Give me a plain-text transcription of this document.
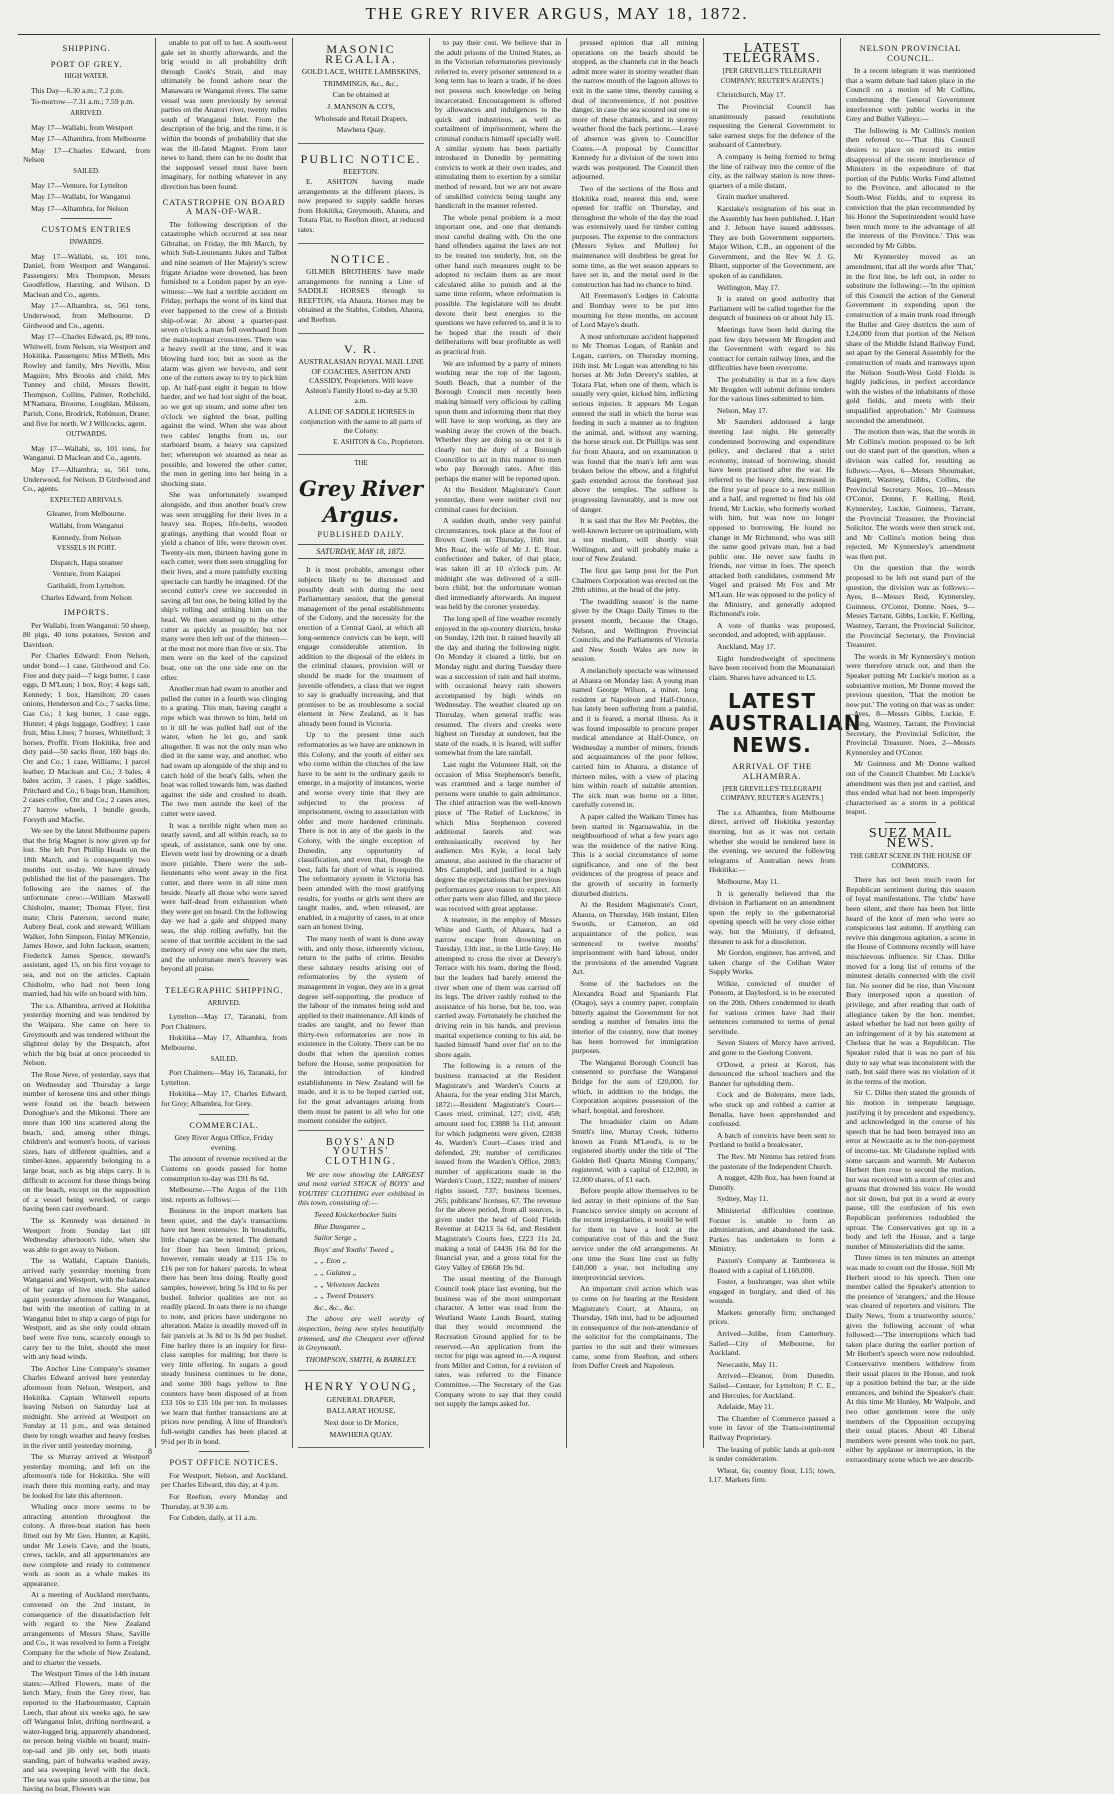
THE GREY RIVER ARGUS, MAY 18, 1872.
SHIPPING.
PORT OF GREY.
HIGH WATER.

This Day—6.30 a.m.; 7.2 p.m.

To-morrow—7.31 a.m.; 7.59 p.m.

ARRIVED.

May 17—Wallabi, from Westport

May 17—Alhambra, from Melbourne

May 17—Charles Edward, from Nelson

SAILED.

May 17—Venture, for Lyttelton

May 17—Wallabi, for Wanganui

May 17—Alhambra, for Nelson

CUSTOMS ENTRIES
INWARDS.

May 17—Wallabi, ss, 101 tons, Daniel, from Westport and Wanganui. Passengers: Mrs Thompson, Messrs Goodfellow, Harsting, and Wilson. D Maclean and Co., agents.

May 17—Alhambra, ss, 561 tons, Underwood, from Melbourne. D Girdwood and Co., agents.

May 17—Charles Edward, ps, 89 tons, Whitwell, from Nelson, via Westport and Hokitika. Passengers: Miss M'Beth, Mrs Rowley and family, Mrs Nevills, Miss Maguire, Mrs Brooks and child, Mrs Tunney and child, Messrs Ilewitt, Thompson, Collins, Palmer, Rothchild, M'Namara, Broome, Loughlan, Milsom, Parish, Cone, Brodrick, Robinson, Drane; and five for north. W J Willcocks, agent.

OUTWARDS.

May 17—Wallabi, ss, 101 tons, for Wanganui. D Maclean and Co., agents.

May 17—Alhambra, ss, 561 tons, Underwood, for Nelson. D Girdwood and Co., agents.

EXPECTED ARRIVALS.

Gleaner, from Melbourne.

Wallabi, from Wanganui

Kennedy, from Nelson

VESSELS IN PORT.

Dispatch, Hapa steamer

Venture, from Kaiapoi

Garibaldi, from Lyttelton.

Charles Edward, from Nelson

IMPORTS.

Per Wallabi, from Wanganui: 50 sheep, 80 pigs, 40 tons potatoes, Sexton and Davidson.

Per Charles Edward: From Nelson, under bond—1 case, Girdwood and Co. Free and duty paid—7 kegs butter, 1 case eggs, D M'Lean; 1 box, Roy; 4 kegs salt, Kennedy; 1 box, Hamilton; 20 cases onions, Henderson and Co.; 7 sacks lime, Gas Co.; 1 keg butter, 1 case eggs, Hunter; 4 pkgs luggage, Godfrey; 1 case fruit, Miss Lines; 7 horses, Whitelford; 3 horses, Proffit. From Hokitika, free and duty paid—50 sacks flour, 160 bags do. Orr and Co.; 1 case, Williams; 1 parcel leather, D Maclean and Co.; 3 bales, 4 bales acrim, 3 cases, 1 pkge saddles, Pritchard and Co.; 6 bags bran, Hamilton; 2 cases coffee, Orr and Co.; 2 cases axes, 27 barrow wheels, 1 bundle goods, Forsyth and Macfie.

We see by the latest Melbourne papers that the brig Magnet is now given up for lost. She left Port Phillip Heads on the 18th March, and is consequently two months out to-day. We have already published the list of the passengers. The following are the names of the unfortunate crew:—William Maxwell Chisholm, master; Thomas Flyer, first mate; Chris Paterson, second mate; Aubrey Beal, cook and steward; William Walker, John Simpson, Finlay M'Kenzie, James Howe, and John Jackson, seamen; Frederick James Spence, steward's assistant, aged 15, on his first voyage to sea, and not on the articles. Captain Chisholm, who had not been long married, had his wife on board with him.

The s.s. Alhambra, arrived at Hokitika yesterday morning and was tendered by the Waipara. She came on here to Greymouth and was tendered without the slightest delay by the Despatch, after which the big boat at once proceeded to Nelson.

The Rose Neve, of yesterday, says that on Wednesday and Thursday a large number of kerosene tins and other things were found on the beach between Donoghue's and the Mikonui. There are more than 100 tins scattered along the beach, and, among other things, children's and women's boots, of various sizes, hats of different qualities, and a timber-knee, apparently belonging to a large boat, such as big ships carry. It is difficult to account for these things being on the beach, except on the supposition of a vessel being wrecked, or cargo having been cast overboard.

The ss Kennedy was detained in Westport from Sunday last till Wednesday afternoon's tide, when she was able to get away to Nelson.

The ss Wallabi, Captain Daniels, arrived early yesterday morning from Wanganui and Westport, with the balance of her cargo of live stock. She sailed again yesterday afternoon for Wanganui, but with the intention of calling in at Wanganui Inlet to ship a cargo of pigs for Westport, and as she only could obtain beef were five tons, scarcely enough to carry her to the Inlet, should she meet with any head winds.

The Anchor Line Company's steamer Charles Edward arrived here yesterday afternoon from Nelson, Westport, and Hokitika. Captain Whitwell reports leaving Nelson on Saturday last at midnight. She arrived at Westport on Sunday at 11 p.m., and was detained there by rough weather and heavy freshes in the river until yesterday morning.

The ss Murray arrived at Westport yesterday morning, and left on the afternoon's tide for Hokitika. She will reach there this morning early, and may be looked for late this afternoon.

Whaling once more seems to be attracting attention throughout the colony. A three-boat station has been fitted out by Mr Geo. Hunter, at Kapiti, under Mr Lewis Cave, and the boats, crews, tackle, and all appurtenances are now complete and ready to commence work as soon as a whale makes its appearance.

At a meeting of Auckland merchants, convened on the 2nd instant, in consequence of the dissatisfaction felt with regard to the New Zealand arrangements of Messrs Shaw, Saville and Co., it was resolved to form a Freight Company for the whole of New Zealand, and to charter the vessels.

The Westport Times of the 14th instant states:—Alfred Flowers, mate of the ketch Mary, from the Grey river, has reported to the Harbourmaster, Captain Leech, that about six weeks ago, he saw off Wanganui Inlet, drifting northward, a water-logged brig, apparently abandoned, no person being visible on board; main-top-sail and jib only set, both masts standing, part of bulwarks washed away, and sea sweeping level with the deck. The sea was quite smooth at the time, but having no boat, Flowers was

unable to put off to her. A south-west gale set in shortly afterwards, and the brig would in all probability drift through Cook's Strait, and may ultimately be found ashore near the Manawatu or Wanganui rivers. The same vessel was seen previously by several parties on the Anatori river, twenty miles south of Wanganui Inlet. From the description of the brig, and the time, it is within the bounds of probability that she was the ill-fated Magnet. From later news to hand, there can be no doubt that the supposed vessel must have been imaginary, for nothing whatever in any direction has been found.

CATASTROPHE ON BOARD A MAN-OF-WAR.

The following description of the catastrophe which occurred at sea near Gibraltar, on Friday, the 8th March, by which Sub-Lieutenants Jukes and Talbot and nine seamen of Her Majesty's screw frigate Ariadne were drowned, has been furnished to a London paper by an eye-witness:—We had a terrible accident on Friday, perhaps the worst of its kind that ever happened to the crew of a British ship-of-war. At about a quarter-past seven o'clock a man fell overboard from the main-topmast cross-trees. There was a heavy swell at the time, and it was blowing hard too; but as soon as the alarm was given we hove-to, and sent one of the cutters away to try to pick him up. At half-past eight it began to blow harder, and we had lost sight of the boat, so we got up steam, and some after ten o'clock we sighted the boat, pulling against the wind. When she was about two cables' lengths from us, our starboard beam, a heavy sea capsized her; whereupon we steamed as near as possible, and lowered the other cutter, the men in getting into her being in a shocking state.

She was unfortunately swamped alongside, and thus another boat's crew was seen struggling for their lives in a heavy sea. Ropes, life-belts, wooden gratings, anything that would float or yield a chance of life, were thrown over. Twenty-six men, thirteen having gone in each cutter, were then seen struggling for their lives, and a more painfully exciting spectacle can hardly be imagined. Of the second cutter's crew we succeeded in saving all but one, he being killed by the ship's rolling and striking him on the head. We then steamed up to the other cutter as quickly as possible; but not many were then left out of the thirteen—at the most not more than five or six. The men were on the keel of the capsized boat, one on the one side one on the other.

Another man had swam to another and pulled the cutter in a fourth was clinging to a grating. This man, having caught a rope which was thrown to him, held on to it till he was pulled half out of the water, when he let go, and sank altogether. It was not the only man who died in the same way, and another, who had swam up alongside of the ship and to catch hold of the boat's falls, when the boat was rolled towards him, was dashed against the side and crushed to death. The two men astride the keel of the cutter were saved.

It was a terrible night when men so nearly saved, and all within reach, so to speak, of assistance, sank one by one. Eleven went lost by drowning or a death more pitiable. There were the sub-lieutenants who went away in the first cutter, and there were in all nine men beside. Nearly all those who were saved were half-dead from exhaustion when they were got on board. On the following day we had a gale and shipped many seas, the ship rolling awfully, but the scene of that terrible accident in the sad memory of every one who saw the men, and the unfortunate men's bravery was beyond all praise.

TELEGRAPHIC SHIPPING.
ARRIVED.

Lyttelton—May 17, Taranaki, from Port Chalmers.

Hokitika—May 17, Alhambra, from Melbourne.

SAILED.

Port Chalmers—May 16, Taranaki, for Lyttelton.

Hokitika—May 17, Charles Edward, for Grey; Alhambra, for Grey.

COMMERCIAL.

Grey River Argus Office, Friday evening.

The amount of revenue received at the Customs on goods passed for home consumption to-day was £91 8s 6d.

Melbourne.—The Argus of the 11th inst. reports as follows:—

Business in the import markets has been quiet, and the day's transactions have not been extensive. In breadstuffs, little change can be noted. The demand for flour has been limited; prices, however, remain steady at £15 15s to £16 per ton for bakers' parcels. In wheat there has been less doing. Really good samples, however, bring 5s 10d to 6s per bushel. Inferior qualities are not so readily placed. In oats there is no change to note, and prices have undergone no alteration. Maize is steadily moved off in fair parcels at 3s 8d to 3s 9d per bushel. Fine barley there is an inquiry for first-class samples for malting; but there is very little offering. In sugars a good steady business continues to be done, and some 300 bags yellow to fine counters have been disposed of at from £33 10s to £35 10s per ton. In molasses we learn that further transactions are at prices now pending. A line of Brandon's full-weight candles has been placed at 9½d per lb in bond.

POST OFFICE NOTICES.

For Westport, Nelson, and Auckland, per Charles Edward, this day, at 4 p.m.

For Reefton, every Monday and Thursday, at 9.30 a.m.

For Cobden, daily, at 11 a.m.

MASONIC REGALIA.

GOLD LACE, WHITE LAMBSKINS,

TRIMMINGS, &c., &c.,

Can be obtained at

J. MANSON & CO'S,

Wholesale and Retail Drapers,

Mawhera Quay.

PUBLIC NOTICE.
REEFTON.

E. ASHTON having made arrangements at the different places, is now prepared to supply saddle horses from Hokitika, Greymouth, Ahaura, and Totara Flat, to Reefton direct, at reduced rates.

NOTICE.

GILMER BROTHERS have made arrangements for running a Line of SADDLE HORSES through to REEFTON, via Ahaura. Horses may be obtained at the Stables, Cobden, Ahaura, and Reefton.

V. R.

AUSTRALASIAN ROYAL MAIL LINE OF COACHES, ASHTON AND CASSIDY, Proprietors. Will leave Ashton's Family Hotel to-day at 9.30 a.m.

A LINE OF SADDLE HORSES in conjunction with the same to all parts of the Colony.

E. ASHTON & Co., Proprietors.
THE
Grey River Argus.
PUBLISHED DAILY.
SATURDAY, MAY 18, 1872.

It is most probable, amongst other subjects likely to be discussed and possibly dealt with during the next Parliamentary session, that the general management of the penal establishments of the Colony, and the necessity for the erection of a Central Gaol, at which all long-sentence convicts can be kept, will engage considerable attention. In addition to the disposal of the elders in the criminal classes, provision will or should be made for the treatment of juvenile offenders, a class that we regret to say is gradually increasing, and that promises to be as troublesome a social element in New Zealand, as it has already been found in Victoria.

Up to the present time such reformatories as we have are unknown in this Colony, and the youth of either sex who come within the clutches of the law have to be sent to the ordinary gaols to emerge, in a majority of instances, worse and worse every time that they are subjected to the process of imprisonment, owing to association with older and more hardened criminals. There is not in any of the gaols in the Colony, with the single exception of Dunedin, any opportunity of classification, and even that, though the best, falls far short of what is required. The reformatory system in Victoria has been attended with the most gratifying results, for youths or girls sent there are taught trades, and, when released, are enabled, in a majority of cases, to at once earn an honest living.

The many tooth of want is done away with, and only those, inherently vicious, return to the paths of crime. Besides these salutary results arising out of reformatories by the system of management in vogue, they are in a great degree self-supporting, the produce of the labour of the inmates being sold and applied to their maintenance. All kinds of trades are taught, and no fewer than thirty-two reformatories are now in existence in the Colony. There can be no doubt that when the question comes before the House, some proposition for the introduction of kindred establishments in New Zealand will be made, and it is to be hoped carried out, for the great advantages arising from them must be patent to all who for one moment consider the subject.

BOYS' AND YOUTHS' CLOTHING.

We are now showing the LARGEST and most varied STOCK of BOYS' and YOUTHS' CLOTHING ever exhibited in this town, consisting of:—

Tweed Knickerbocker Suits

Blue Dungaree „

Sailor Serge „

Boys' and Youths' Tweed „

„ „ Eton „

„ „ Galatea „

„ „ Velveteen Jackets

„ „ Tweed Trousers

&c., &c., &c.

The above are well worthy of inspection, being new styles beautifully trimmed, and the Cheapest ever offered in Greymouth.

THOMPSON, SMITH, & BARKLEY.
HENRY YOUNG,

GENERAL DRAPER,

BALLARAT HOUSE,

Next door to Dr Morice,

MAWHERA QUAY.

to pay their cost. We believe that in the adult prisons of the United States, as in the Victorian reformatories previously referred to, every prisoner sentenced to a long term has to learn a trade, if he does not possess such knowledge on being incarcerated. Encouragement is offered by allowances and indulgences to the quick and industrious, as well as curtailment of imprisonment, where the criminal conducts himself specially well. A similar system has been partially introduced in Dunedin by permitting convicts to work at their own trades, and stimulating them to exertion by a similar method of reward, but we are not aware of unskilled convicts being taught any handicraft in the manner referred.

The whole penal problem is a most important one, and one that demands most careful dealing with. On the one hand offenders against the laws are not to be treated too tenderly, but, on the other hand such measures ought to be adopted to reclaim them as are most calculated alike to punish and at the same time reform, where reformation is possible. The legislature will no doubt devote their best energies to the questions we have referred to, and it is to be hoped that the result of their deliberations will bear profitable as well as practical fruit.

We are informed by a party of miners working near the top of the lagoon, South Beach, that a number of the Borough Council men recently been making himself very officious by calling upon them and informing them that they will have to stop working, as they are washing away the crown of the beach. Whether they are doing so or not it is clearly not the duty of a Borough Councillor to act in this manner to men who pay Borough rates. After this perhaps the matter will be reported upon.

At the Resident Magistrate's Court yesterday, there were neither civil nor criminal cases for decision.

A sudden death, under very painful circumstances, took place at the foot of Brown Creek on Thursday, 16th inst. Mrs Roar, the wife of Mr J. E. Roar, confectioner and baker, of that place, was taken ill at 10 o'clock p.m. At midnight she was delivered of a still-born child, but the unfortunate woman died immediately afterwards. An inquest was held by the coroner yesterday.

The long spell of fine weather recently enjoyed in the up-country districts, broke on Sunday, 12th inst. It rained heavily all the day and during the following night. On Monday it cleared a little, but on Monday night and during Tuesday there was a succession of rain and hail storms, with occasional heavy rain showers accompanied by high winds on Wednesday. The weather cleared up on Thursday, when general traffic was resumed. The rivers and creeks were highest on Tuesday at sundown, but the state of the roads, it is feared, will suffer somewhat from the late rainfall.

Last night the Volunteer Hall, on the occasion of Miss Stephenson's benefit, was crammed and a large number of persons were unable to gain admittance. The chief attraction was the well-known piece of 'The Relief of Lucknow,' in which Miss Stephenson covered additional laurels and was enthusiastically received by her audience. Mrs Kyle, a local lady amateur, also assisted in the character of Mrs Campbell, and justified to a high degree the expectations that her previous performances gave reason to expect. All other parts were also filled, and the piece was received with great applause.

A teamster, in the employ of Messrs White and Garth, of Ahaura, had a narrow escape from drowning on Tuesday, 13th inst., in the Little Grey. He attempted to cross the river at Devery's Terrace with his team, during the flood, but the leaders had barely entered the river when one of them was carried off its legs. The driver rashly rushed to the assistance of his horse, but he, too, was carried away. Fortunately he clutched the driving rein in his hands, and previous marital experience coming to his aid, he hauled himself 'hand over fist' on to the shore again.

The following is a return of the business transacted at the Resident Magistrate's and Warden's Courts at Ahaura, for the year ending 31st March, 1872:—Resident Magistrate's Court—Cases tried, criminal, 127; civil, 458; amount sued for, £3888 5s 11d; amount for which judgments were given, £2838 4s. Warden's Court—Cases tried and defended, 29; number of certificates issued from the Warden's Office, 2083; number of applications made in the Warden's Court, 1322; number of miners' rights issued, 737; business licenses, 265; publicans' licenses, 67. The revenue for the above period, from all sources, is given under the head of Gold Fields Revenue at £4213 5s 6d, and Resident Magistrate's Courts fees, £223 11s 2d, making a total of £4436 16s 8d for the financial year, and a gross total for the Grey Valley of £8668 19s 9d.

The usual meeting of the Borough Council took place last evening, but the business was of the most unimportant character. A letter was read from the Westland Waste Lands Board, stating that they would recommend the Recreation Ground applied for to be reserved.—An application from the rector for pigs was agreed to.—A request from Miller and Cotton, for a revision of rates, was referred to the Finance Committee.—The Secretary of the Gas Company wrote to say that they could not supply the lamps asked for.

pressed opinion that all mining operations on the beach should be stopped, as the channels cut in the beach admit more water in stormy weather than the narrow mouth of the lagoon allows to exit in the same time, thereby causing a deal of inconvenience, if not positive danger, in case the sea scoured out one or more of these channels, and in stormy weather flood the back portions.—Leave of absence was given to Councillor Coates.—A proposal by Councillor Kennedy for a division of the town into wards was postponed. The Council then adjourned.

Two of the sections of the Ross and Hokitika road, nearest this end, were opened for traffic on Thursday, and throughout the whole of the day the road was extensively used for timber cutting purposes. The expense to the contractors (Messrs Sykes and Mullen) for maintenance will doubtless be great for some time, as the wet season appears to have set in, and the metal used in the construction has had no chance to bind.

All Freemason's Lodges in Calcutta and Bombay were to be put into mourning for three months, on account of Lord Mayo's death.

A most unfortunate accident happened to Mr Thomas Logan, of Rankin and Logan, carriers, on Thursday morning, 16th inst. Mr Logan was attending to his horses at Mr John Devery's stables, at Totara Flat, when one of them, which is usually very quiet, kicked him, inflicting serious injuries. It appears Mr Logan entered the stall in which the horse was feeding in such a manner as to frighten the animal, and, without any warning, the horse struck out. Dr Phillips was sent for from Ahaura, and on examination it was found that the man's left arm was broken below the elbow, and a frightful gash extended across the forehead just above the temples. The sufferer is progressing favourably, and is now out of danger.

It is said that the Rev Mr Peebles, the well-known lecturer on spiritualism, with a test medium, will shortly visit Wellington, and will probably make a tour of New Zealand.

The first gas lamp post for the Port Chalmers Corporation was erected on the 29th ultimo, at the head of the jetty.

'The twaddling season' is the name given by the Otago Daily Times to the present month, because the Otago, Nelson, and Wellington Provincial Councils, and the Parliaments of Victoria and New South Wales are now in session.

A melancholy spectacle was witnessed at Ahaura on Monday last. A young man named George Wilson, a miner, long resident at Napoleon and Half-Ounce, has lately been suffering from a painful, and it is feared, a mortal illness. As it was found impossible to procure proper medical attendance at Half-Ounce, on Wednesday a number of miners, friends and acquaintances of the poor fellow, carried him to Ahaura, a distance of thirteen miles, with a view of placing him within reach of suitable attention. The sick man was borne on a litter, carefully covered in.

A paper called the Waikato Times has been started in Ngaruawahia, in the neighbourhood of what a few years ago was the residence of the native King. This is a social circumstance of some significance, and one of the best evidences of the progress of peace and the growth of security in formerly disturbed districts.

At the Resident Magistrate's Court, Ahaura, on Thursday, 16th instant, Ellen Swords, or Cameron, an old acquaintance of the police, was sentenced to twelve months' imprisonment with hard labour, under the provisions of the amended Vagrant Act.

Some of the bachelors on the Alexandra Road and Spaniards Flat (Otago), says a country paper, complain bitterly against the Government for not sending a number of females into the interior of the country, now that money has been borrowed for immigration purposes.

The Wanganui Borough Council has consented to purchase the Wanganui Bridge for the sum of £20,000, for which, in addition to the bridge, the Corporation acquires possession of the wharf, hospital, and foreshore.

The broadsider claim on Adam Smith's line, Murray Creek, hitherto known as Frank M'Leod's, is to be registered shortly under the title of 'The Golden Bell Quartz Mining Company,' registered, with a capital of £12,000, in 12,000 shares, of £1 each.

Before people allow themselves to be led astray in their opinions of the San Francisco service simply on account of the recent irregularities, it would be well for them to have a look at the comparative cost of this and the Suez service under the old arrangements. At one time the Suez line cost us fully £40,000 a year, not including any interprovincial services.

An important civil action which was to come on for hearing at the Resident Magistrate's Court, at Ahaura, on Thursday, 16th inst, had to be adjourned in consequence of the non-attendance of the solicitor for the complainants. The parties to the suit and their witnesses came, some from Reefton, and others from Duffer Creek and Napoleon.

LATEST TELEGRAMS.
[PER GREVILLE'S TELEGRAPH COMPANY, REUTER'S AGENTS.]

Christchurch, May 17.

The Provincial Council has unanimously passed resolutions requesting the General Government to take earnest steps for the defence of the seaboard of Canterbury.

A company is being formed to bring the line of railway into the centre of the city, as the railway station is now three-quarters of a mile distant.

Grain market unaltered.

Karslake's resignation of his seat in the Assembly has been published. J. Hart and J. Jebson have issued addresses. They are both Government supporters. Major Wilson, C.B., an opponent of the Government, and the Rev W. J. G. Bluett, supporter of the Government, are spoken of as candidates.

Wellington, May 17.

It is stated on good authority that Parliament will be called together for the despatch of business on or about July 15.

Meetings have been held during the past few days between Mr Brogden and the Government with regard to his contract for certain railway lines, and the difficulties have been overcome.

The probability is that in a few days Mr Brogden will submit definite tenders for the various lines submitted to him.

Nelson, May 17.

Mr Saunders addressed a large meeting last night. He generally condemned borrowing and expenditure policy, and declared that a strict economy, instead of borrowing, should have been practised after the war. He referred to the heavy debt, increased in the first year of peace to a new million and a half, and regretted to find his old friend, Mr Luckie, who formerly worked with him, but was now no longer opposed to borrowing. He found no change in Mr Richmond, who was still the same good private man, but a bad public one. He never saw faults in friends, nor virtue in foes. The speech attacked both candidates, commend Mr Vogel and praised Mr Fox and Mr M'Lean. He was opposed to the policy of the Ministry, and generally adopted Richmond's role.

A vote of thanks was proposed, seconded, and adopted, with applause.

Auckland, May 17.

Eight hundredweight of specimens have been received from the Moanataiari claim. Shares have advanced to L5.

LATEST AUSTRALIAN NEWS.
ARRIVAL OF THE ALHAMBRA.
[PER GREVILLE'S TELEGRAPH COMPANY, REUTER'S AGENTS.]

The s.s Alhambra, from Melbourne direct, arrived off Hokitika yesterday morning, but as it was not certain whether she would be tendered here in the evening, we secured the following telegrams of Australian news from Hokitika:—

Melbourne, May 11.

It is generally believed that the division in Parliament on an amendment upon the reply to the gubernatorial opening speech will be very close either way, but the Ministry, if defeated, threaten to ask for a dissolution.

Mr Gordon, engineer, has arrived, and taken charge of the Coliban Water Supply Works.

Wilkie, convicted of murder of Ponsom, at Daylesford, is to be executed on the 20th. Others condemned to death for various crimes have had their sentences commuted to terms of penal servitude.

Seven Sisters of Mercy have arrived, and gone to the Geelong Convent.

O'Dowd, a priest at Koroit, has denounced the school teachers and the Banner for upholding them.

Cock and de Boletrans, mere lads, who stuck up and robbed a carrier at Benalla, have been apprehended and confessed.

A batch of convicts have been sent to Portland to build a breakwater.

The Rev. Mr Nimmo has retired from the pastorate of the Independent Church.

A nugget, 42lb 8oz, has been found at Dunolly.

Sydney, May 11.

Ministerial difficulties continue. Forster is unable to form an administration, and abandoned the task. Parkes has undertaken to form a Ministry.

Paxton's Company at Tamborora is floated with a capital of L160,000.

Foster, a bushranger, was shot while engaged in burglary, and died of his wounds.

Markets generally firm; unchanged prices.

Arrived—Jolibe, from Canterbury. Sailed—City of Melbourne, for Auckland.

Newcastle, May 11.

Arrived—Eleanor, from Dunedin. Sailed—Centaur, for Lyttelton; P. C. E., and Hercules, for Auckland.

Adelaide, May 11.

The Chamber of Commerce passed a vote in favor of the Trans-continental Railway Proprietary.

The leasing of public lands at quit-rent is under consideration.

Wheat, 6s; country flour, L15; town, L17. Markets firm.

NELSON PROVINCIAL COUNCIL.

In a recent telegram it was mentioned that a warm debate had taken place in the Council on a motion of Mr Collins, condemning the General Government interference with public works in the Grey and Buller Valleys:—

The following is Mr Collins's motion then referred to:—'That this Council desires to place on record its entire disapproval of the recent interference of Ministers in the expenditure of that portion of the Public Works Fund allotted to the Province, and allocated to the South-West Fields, and to express its conviction that the plan recommended by his Honor the Superintendent would have been much more to the advantage of all the interests of the Province.' This was seconded by Mr Gibbs.

Mr Kynnersley moved as an amendment, that all the words after 'That,' in the first line, be left out, in order to substitute the following:—'In the opinion of this Council the action of the General Government in expending upon the construction of a main trunk road through the Buller and Grey districts the sum of L24,000 from that portion of the Nelson share of the Middle Island Railway Fund, set apart by the General Assembly for the construction of roads and tramways upon the Nelson South-West Gold Fields is highly judicious, in perfect accordance with the wishes of the inhabitants of those gold fields, and meets with their unqualified approbation.' Mr Guinness seconded the amendment.

The motion then was, that the words in Mr Collins's motion proposed to be left out do stand part of the question, when a division was called for, resulting as follows:—Ayes, 6—Messrs Shoumaker, Baigent, Wastney, Gibbs, Collins, the Provincial Secretary. Noes, 10—Messrs O'Conor, Donne, F. Kelling, Reid, Kynnersley, Luckie, Guinness, Tarrant, the Provincial Treasurer, the Provincial Solicitor. The words were then struck out, and Mr Collins's motion being thus rejected, Mr Kynnersley's amendment was then put.

On the question that the words proposed to be left out stand part of the question, the division was as follows:—Ayes, 8—Messrs Reid, Kynnersley, Guinness, O'Conor, Donne. Noes, 9—Messrs Tarrant, Gibbs, Luckie, F. Kelling, Wastney, Tarrant, the Provincial Solicitor, the Provincial Secretary, the Provincial Treasurer.

The words in Mr Kynnersley's motion were therefore struck out, and then the Speaker putting Mr Luckie's motion as a substantive motion, Mr Donne moved the previous question, 'That the motion be now put.' The voting on that was as under:—Ayes, 8—Messrs Gibbs, Luckie, F. Kelling, Wastney, Tarrant, the Provincial Secretary, the Provincial Solicitor, the Provincial Treasurer. Noes, 2—Messrs Kynnersley and O'Conor.

Mr Guinness and Mr Donne walked out of the Council Chamber. Mr Luckie's amendment was then put and carried, and thus ended what had not been improperly characterised as a storm in a political teapot.

SUEZ MAIL NEWS.
THE GREAT SCENE IN THE HOUSE OF COMMONS.

There has not been much room for Republican sentiment during this season of loyal manifestations. The 'clubs' have been silent, and there has been but little heard of the knot of men who were so conspicuous last autumn. If anything can revive this dangerous agitation, a scene in the House of Commons recently will have mischievous influence. Sir Chas. Dilke moved for a long list of returns of the minutest details connected with the civil list. No sooner did he rise, than Viscount Bury interposed upon a question of privilege, and after reading that oath of allegiance taken by the hon. member, asked whether he had not been guilty of an infringement of it by his statement at Chelsea that he was a Republican. The Speaker ruled that it was no part of his duty to say what was inconsistent with the oath, but said there was no violation of it in the terms of the motion.

Sir C. Dilke then stated the grounds of his motion in temperate language, justifying it by precedent and expediency, and acknowledged in the course of his speech that he had been betrayed into an error at Newcastle as to the non-payment of income-tax. Mr Gladstone replied with some sarcasm and warmth. Mr Auberon Herbert then rose to second the motion, but was received with a storm of cries and groans that drowned his voice. He would not sit down, but put in a word at every pause, till the confusion of his own Republican preferences redoubled the uproar. The Conservatives got up in a body and left the House, and a large number of Ministerialists did the same.

Three times in ten minutes an attempt was made to count out the House. Still Mr Herbert stood to his speech. Then one member called the Speaker's attention to the presence of 'strangers,' and the House was cleared of reporters and visitors. The Daily News, 'from a trustworthy source,' gives the following account of what followed:—'The interruptions which had taken place during the earlier portion of Mr Herbert's speech were now redoubled. Conservative members withdrew from their usual places in the House, and took up a position behind the bar, at the side entrances, and behind the Speaker's chair. At this time Mr Hunley, Mr Walpole, and two other gentlemen were the only members of the Opposition occupying their usual places. About 40 Liberal members were present who took no part, either by applause or interruption, in the extraordinary scene which we are describ-

8
